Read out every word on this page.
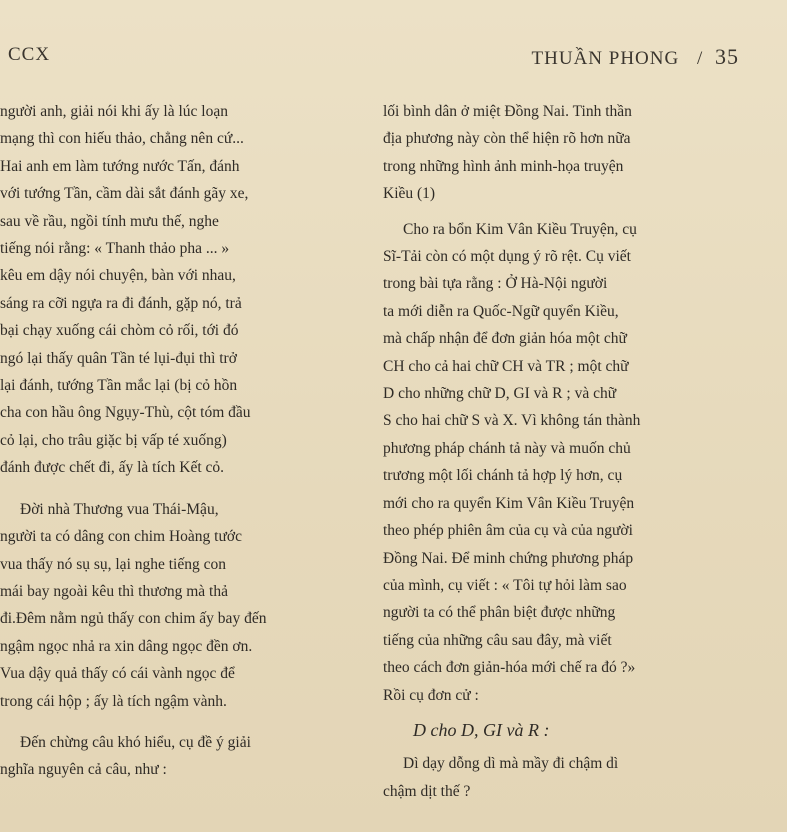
CCX	THUẦN PHONG / 35
người anh, giải nói khi ấy là lúc loạn
mạng thì con hiếu thảo, chẳng nên cứ...
Hai anh em làm tướng nước Tấn, đánh
với tướng Tần, cầm dài sắt đánh gãy xe,
sau về rầu, ngồi tính mưu thế, nghe
tiếng nói rằng: « Thanh thảo pha ... »
kêu em dậy nói chuyện, bàn với nhau,
sáng ra cỡi ngựa ra đi đánh, gặp nó, trả
bại chạy xuống cái chòm cỏ rối, tới đó
ngó lại thấy quân Tần té lụi-đụi thì trở
lại đánh, tướng Tần mắc lại (bị cỏ hồn
cha con hầu ông Ngụy-Thù, cột tóm đầu
cỏ lại, cho trâu giặc bị vấp té xuống)
đánh được chết đi, ấy là tích Kết cỏ.
Đời nhà Thương vua Thái-Mậu,
người ta có dâng con chim Hoàng tước
vua thấy nó sụ sụ, lại nghe tiếng con
mái bay ngoài kêu thì thương mà thả
đi.Đêm nằm ngủ thấy con chim ấy bay đến
ngậm ngọc nhả ra xin dâng ngọc đền ơn.
Vua dậy quả thấy có cái vành ngọc để
trong cái hộp ; ấy là tích ngậm vành.
Đến chừng câu khó hiểu, cụ đề ý giải
nghĩa nguyên cả câu, như :
lối bình dân ở miệt Đồng Nai. Tinh thần
địa phương này còn thể hiện rõ hơn nữa
trong những hình ảnh minh-họa truyện
Kiều (1)
Cho ra bổn Kim Vân Kiều Truyện, cụ
Sĩ-Tải còn có một dụng ý rõ rệt. Cụ viết
trong bài tựa rằng : Ở Hà-Nội người
ta mới diễn ra Quốc-Ngữ quyển Kiều,
mà chấp nhận để đơn giản hóa một chữ
CH cho cả hai chữ CH và TR ; một chữ
D cho những chữ D, GI và R ; và chữ
S cho hai chữ S và X. Vì không tán thành
phương pháp chánh tả này và muốn chủ
trương một lối chánh tả hợp lý hơn, cụ
mới cho ra quyển Kim Vân Kiều Truyện
theo phép phiên âm của cụ và của người
Đồng Nai. Để minh chứng phương pháp
của mình, cụ viết : « Tôi tự hỏi làm sao
người ta có thể phân biệt được những
tiếng của những câu sau đây, mà viết
theo cách đơn giản-hóa mới chế ra đó ?»
Rồi cụ đơn cử :
D cho D, GI và R :
Dì dạy dỗng dì mà mầy đi chậm dì
chậm dịt thế ?
